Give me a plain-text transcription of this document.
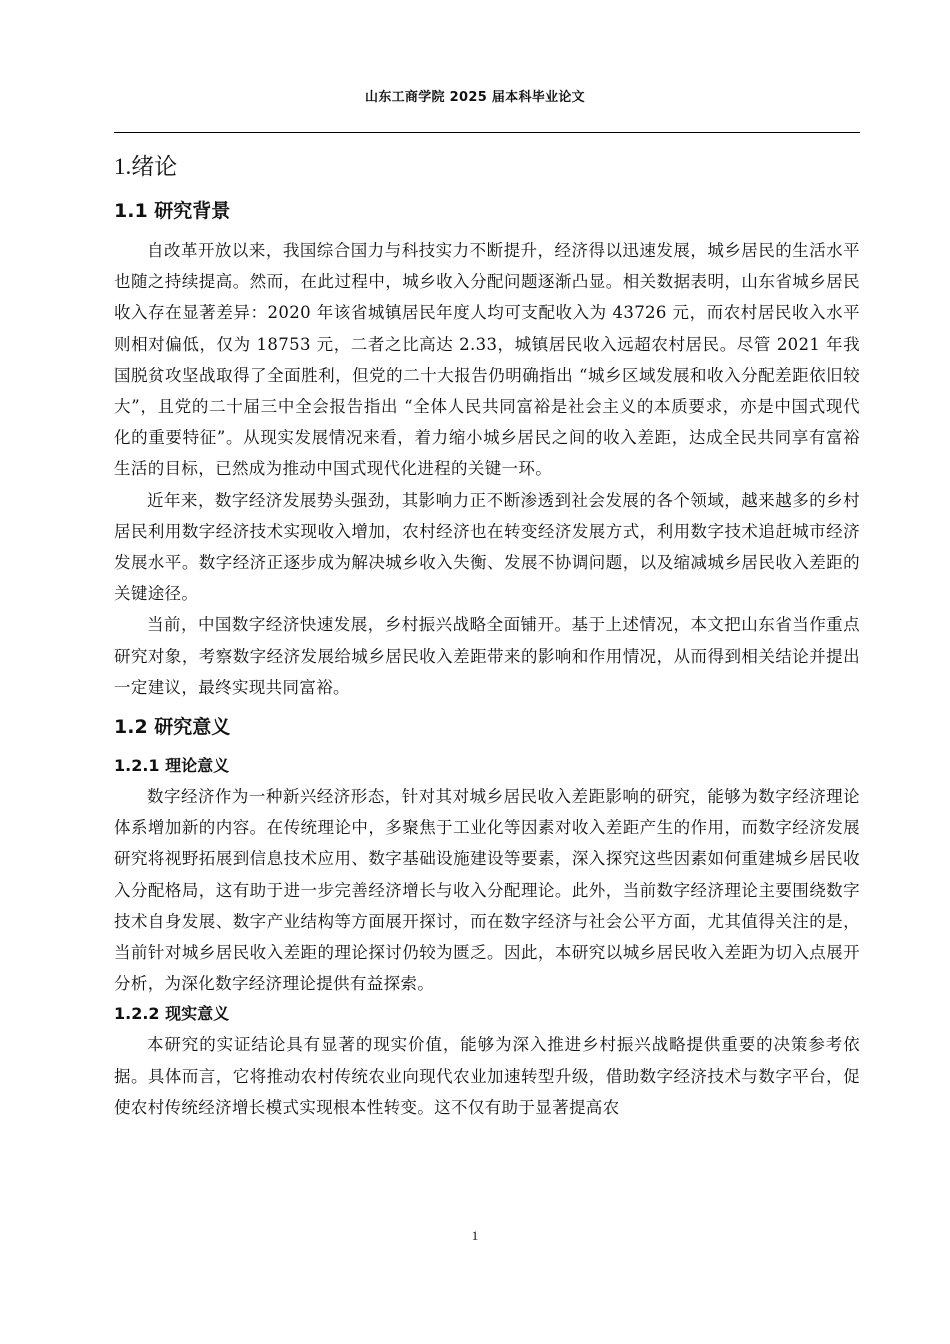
山东工商学院 2025 届本科毕业论文
1.绪论
1.1 研究背景

自改革开放以来，我国综合国力与科技实力不断提升，经济得以迅速发展，城乡居民的生活水平也随之持续提高。然而，在此过程中，城乡收入分配问题逐渐凸显。相关数据表明，山东省城乡居民收入存在显著差异：2020 年该省城镇居民年度人均可支配收入为 43726 元，而农村居民收入水平则相对偏低，仅为 18753 元，二者之比高达 2.33，城镇居民收入远超农村居民。尽管 2021 年我国脱贫攻坚战取得了全面胜利，但党的二十大报告仍明确指出 “城乡区域发展和收入分配差距依旧较大”，且党的二十届三中全会报告指出 “全体人民共同富裕是社会主义的本质要求，亦是中国式现代化的重要特征”。从现实发展情况来看，着力缩小城乡居民之间的收入差距，达成全民共同享有富裕生活的目标，已然成为推动中国式现代化进程的关键一环。

近年来，数字经济发展势头强劲，其影响力正不断渗透到社会发展的各个领域，越来越多的乡村居民利用数字经济技术实现收入增加，农村经济也在转变经济发展方式，利用数字技术追赶城市经济发展水平。数字经济正逐步成为解决城乡收入失衡、发展不协调问题，以及缩减城乡居民收入差距的关键途径。

当前，中国数字经济快速发展，乡村振兴战略全面铺开。基于上述情况，本文把山东省当作重点研究对象，考察数字经济发展给城乡居民收入差距带来的影响和作用情况，从而得到相关结论并提出一定建议，最终实现共同富裕。

1.2 研究意义
1.2.1 理论意义

数字经济作为一种新兴经济形态，针对其对城乡居民收入差距影响的研究，能够为数字经济理论体系增加新的内容。在传统理论中，多聚焦于工业化等因素对收入差距产生的作用，而数字经济发展研究将视野拓展到信息技术应用、数字基础设施建设等要素，深入探究这些因素如何重建城乡居民收入分配格局，这有助于进一步完善经济增长与收入分配理论。此外，当前数字经济理论主要围绕数字技术自身发展、数字产业结构等方面展开探讨，而在数字经济与社会公平方面，尤其值得关注的是，当前针对城乡居民收入差距的理论探讨仍较为匮乏。因此，本研究以城乡居民收入差距为切入点展开分析，为深化数字经济理论提供有益探索。

1.2.2 现实意义

本研究的实证结论具有显著的现实价值，能够为深入推进乡村振兴战略提供重要的决策参考依据。具体而言，它将推动农村传统农业向现代农业加速转型升级，借助数字经济技术与数字平台，促使农村传统经济增长模式实现根本性转变。这不仅有助于显著提高农

1
